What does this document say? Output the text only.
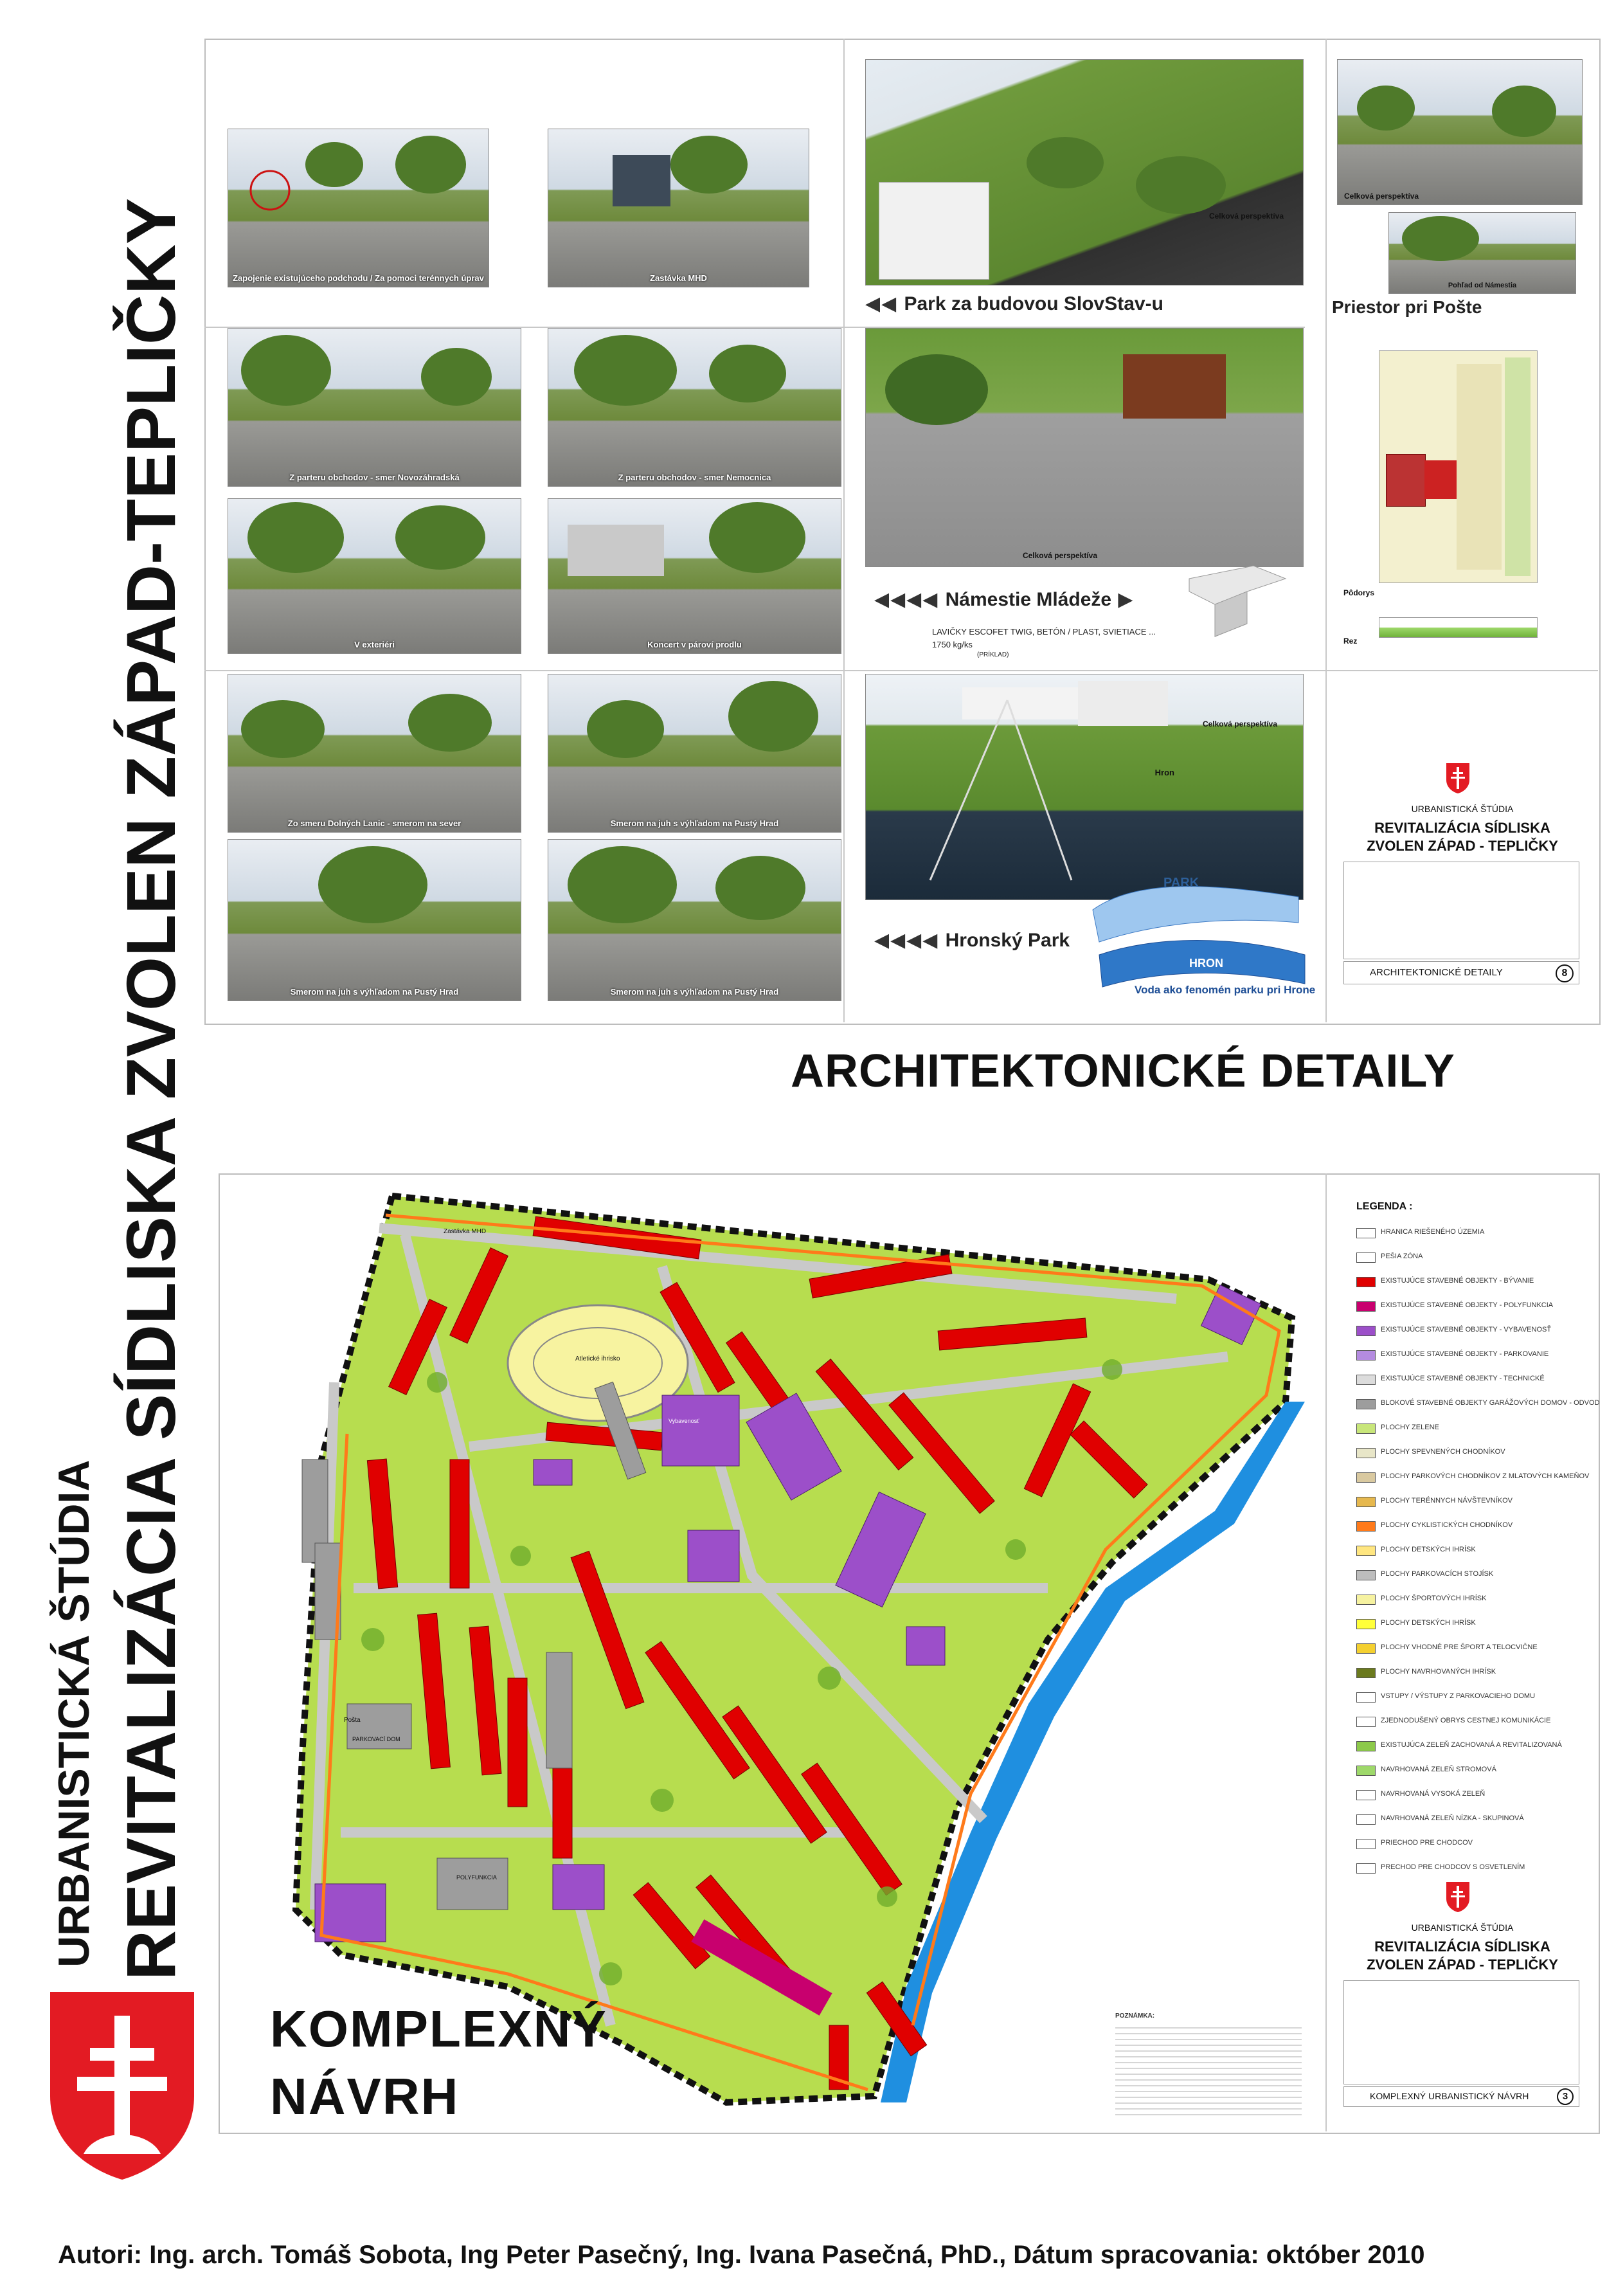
REVITALIZÁCIA SÍDLISKA ZVOLEN ZÁPAD-TEPLIČKY
URBANISTICKÁ ŠTÚDIA
Zapojenie existujúceho podchodu / Za pomoci terénnych úprav	Zastávka MHD
Z parteru obchodov - smer Novozáhradská	Z parteru obchodov - smer Nemocnica
V exteriéri	Koncert v pároví prodlu
Zo smeru Dolných Lanic - smerom na sever	Smerom na juh s výhľadom na Pustý Hrad
Smerom na juh s výhľadom na Pustý Hrad	Smerom na juh s výhľadom na Pustý Hrad
Celková perspektíva
◀◀ Park za budovou SlovStav-u
Celková perspektíva
Pohľad od Námestia
Priestor pri Pošte
Celková perspektíva
◀◀◀◀ Námestie Mládeže ▶
LAVIČKY ESCOFET TWIG, BETÓN / PLAST, SVIETIACE ...
1750 kg/ks
(PRÍKLAD)
Pôdorys
Rez
Celková perspektíva
Hron
◀◀◀◀ Hronský Park
PARK
HRON
Voda ako fenomén parku pri Hrone
URBANISTICKÁ ŠTÚDIA
REVITALIZÁCIA SÍDLISKA
ZVOLEN ZÁPAD - TEPLIČKY
ARCHITEKTONICKÉ DETAILY	8
ARCHITEKTONICKÉ DETAILY
Atletické ihrisko
Zastávka MHD
Pošta
PARKOVACÍ DOM
POLYFUNKCIA
Vybavenosť
LEGENDA :
HRANICA RIEŠENÉHO ÚZEMIA
PEŠIA ZÓNA
EXISTUJÚCE STAVEBNÉ OBJEKTY - BÝVANIE
EXISTUJÚCE STAVEBNÉ OBJEKTY - POLYFUNKCIA
EXISTUJÚCE STAVEBNÉ OBJEKTY - VYBAVENOSŤ
EXISTUJÚCE STAVEBNÉ OBJEKTY - PARKOVANIE
EXISTUJÚCE STAVEBNÉ OBJEKTY - TECHNICKÉ
BLOKOVÉ STAVEBNÉ OBJEKTY GARÁŽOVÝCH DOMOV - ODVOD
PLOCHY ZELENE
PLOCHY SPEVNENÝCH CHODNÍKOV
PLOCHY PARKOVÝCH CHODNÍKOV Z MLATOVÝCH KAMEŇOV
PLOCHY TERÉNNYCH NÁVŠTEVNÍKOV
PLOCHY CYKLISTICKÝCH CHODNÍKOV
PLOCHY DETSKÝCH IHRÍSK
PLOCHY PARKOVACÍCH STOJÍSK
PLOCHY ŠPORTOVÝCH IHRÍSK
PLOCHY DETSKÝCH IHRÍSK
PLOCHY VHODNÉ PRE ŠPORT A TELOCVIČNE
PLOCHY NAVRHOVANÝCH IHRÍSK
VSTUPY / VÝSTUPY Z PARKOVACIEHO DOMU
ZJEDNODUŠENÝ OBRYS CESTNEJ KOMUNIKÁCIE
EXISTUJÚCA ZELEŇ ZACHOVANÁ A REVITALIZOVANÁ
NAVRHOVANÁ ZELEŇ STROMOVÁ
NAVRHOVANÁ VYSOKÁ ZELEŇ
NAVRHOVANÁ ZELEŇ NÍZKA - SKUPINOVÁ
PRIECHOD PRE CHODCOV
PRECHOD PRE CHODCOV S OSVETLENÍM
URBANISTICKÁ ŠTÚDIA
REVITALIZÁCIA SÍDLISKA
ZVOLEN ZÁPAD - TEPLIČKY
KOMPLEXNÝ URBANISTICKÝ NÁVRH	3
POZNÁMKA:
KOMPLEXNÝ
NÁVRH
Autori: Ing. arch. Tomáš Sobota, Ing Peter Pasečný, Ing. Ivana Pasečná, PhD., Dátum spracovania: október 2010
